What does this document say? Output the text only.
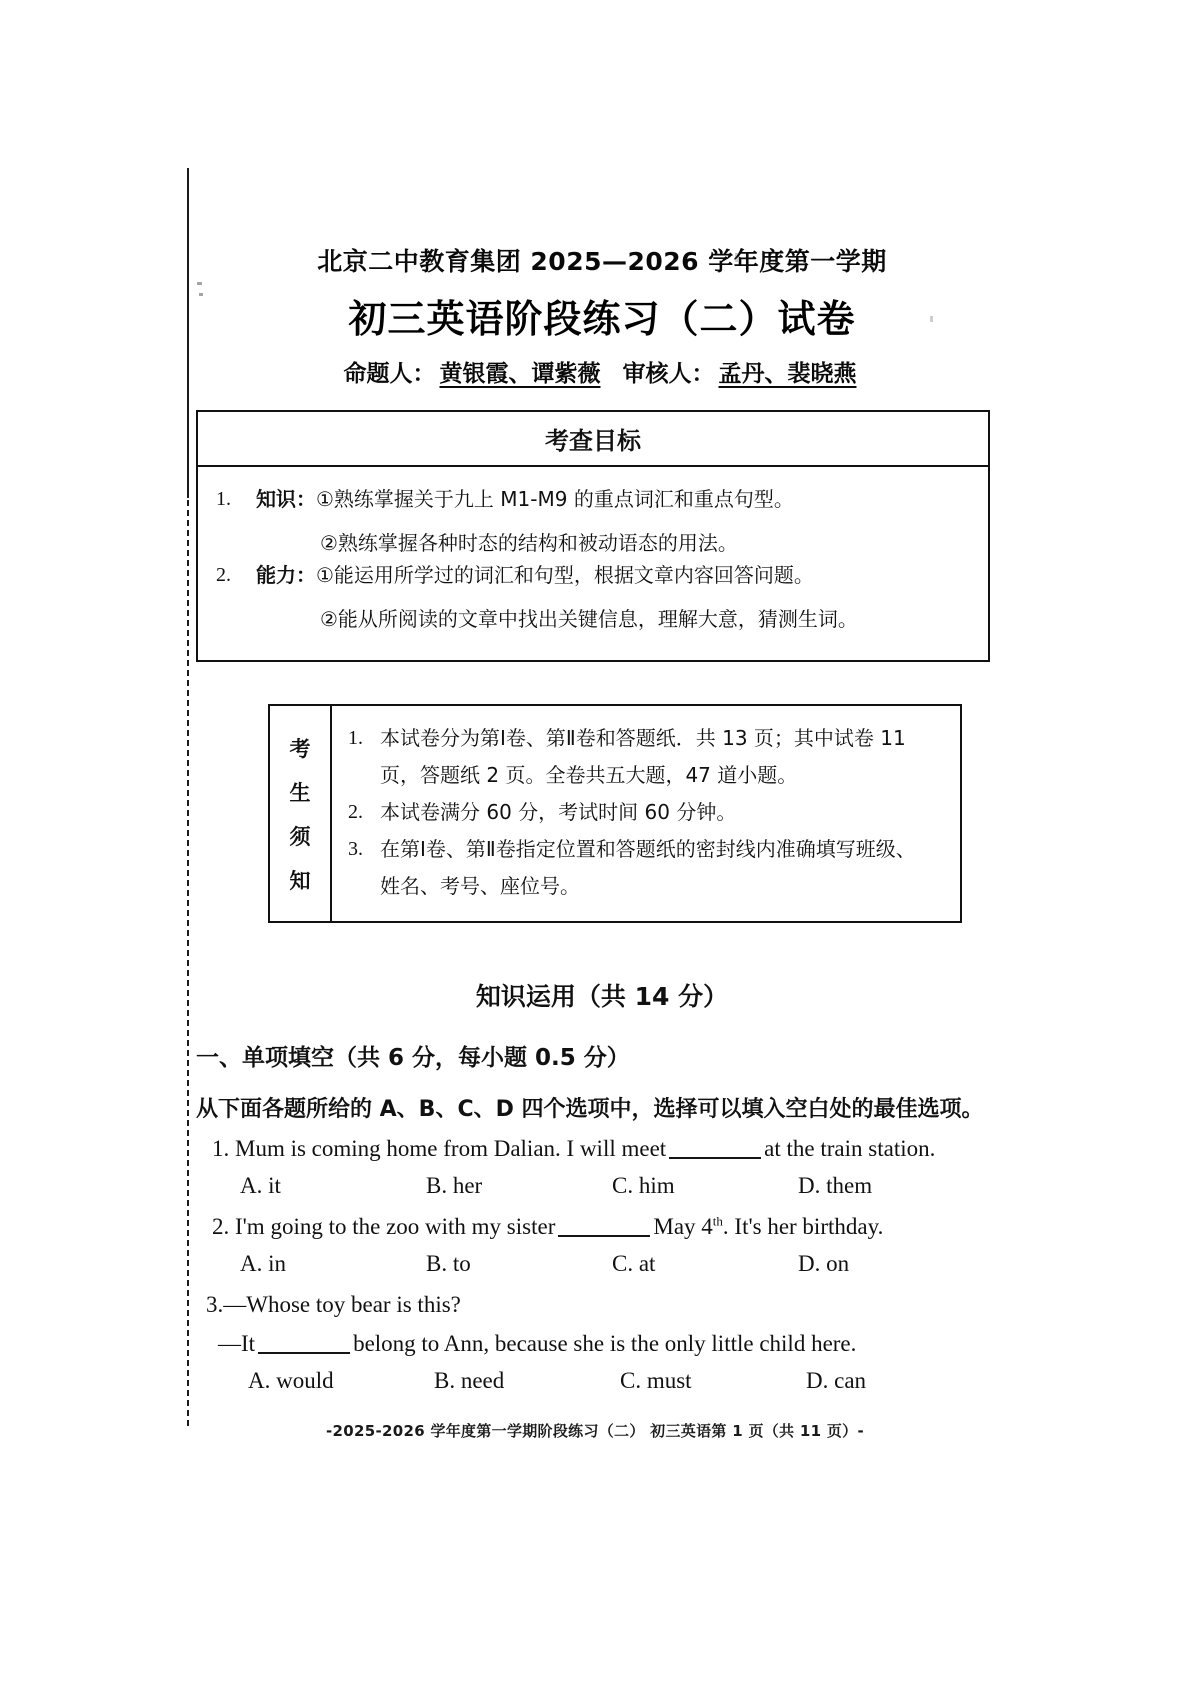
北京二中教育集团 2025—2026 学年度第一学期
初三英语阶段练习（二）试卷
命题人： 黄银霞、谭紫薇 审核人： 孟丹、裴晓燕
考查目标
1.	知识： ①熟练掌握关于九上 M1-M9 的重点词汇和重点句型。
②熟练掌握各种时态的结构和被动语态的用法。
2.	能力： ①能运用所学过的词汇和句型，根据文章内容回答问题。
②能从所阅读的文章中找出关键信息，理解大意，猜测生词。
考
生
须
知
1. 本试卷分为第Ⅰ卷、第Ⅱ卷和答题纸．共 13 页；其中试卷 11
页，答题纸 2 页。全卷共五大题，47 道小题。
2. 本试卷满分 60 分，考试时间 60 分钟。
3. 在第Ⅰ卷、第Ⅱ卷指定位置和答题纸的密封线内准确填写班级、
姓名、考号、座位号。
知识运用（共 14 分）
一、单项填空（共 6 分，每小题 0.5 分）
从下面各题所给的 A、B、C、D 四个选项中，选择可以填入空白处的最佳选项。
1. Mum is coming home from Dalian. I will meet	at the train station.
A. it	B. her	C. him	D. them
2. I'm going to the zoo with my sister	May 4th. It's her birthday.
A. in	B. to	C. at	D. on
3.—Whose toy bear is this?
—It	belong to Ann, because she is the only little child here.
A. would	B. need	C. must	D. can
-2025-2026 学年度第一学期阶段练习（二） 初三英语第 1 页（共 11 页）-
